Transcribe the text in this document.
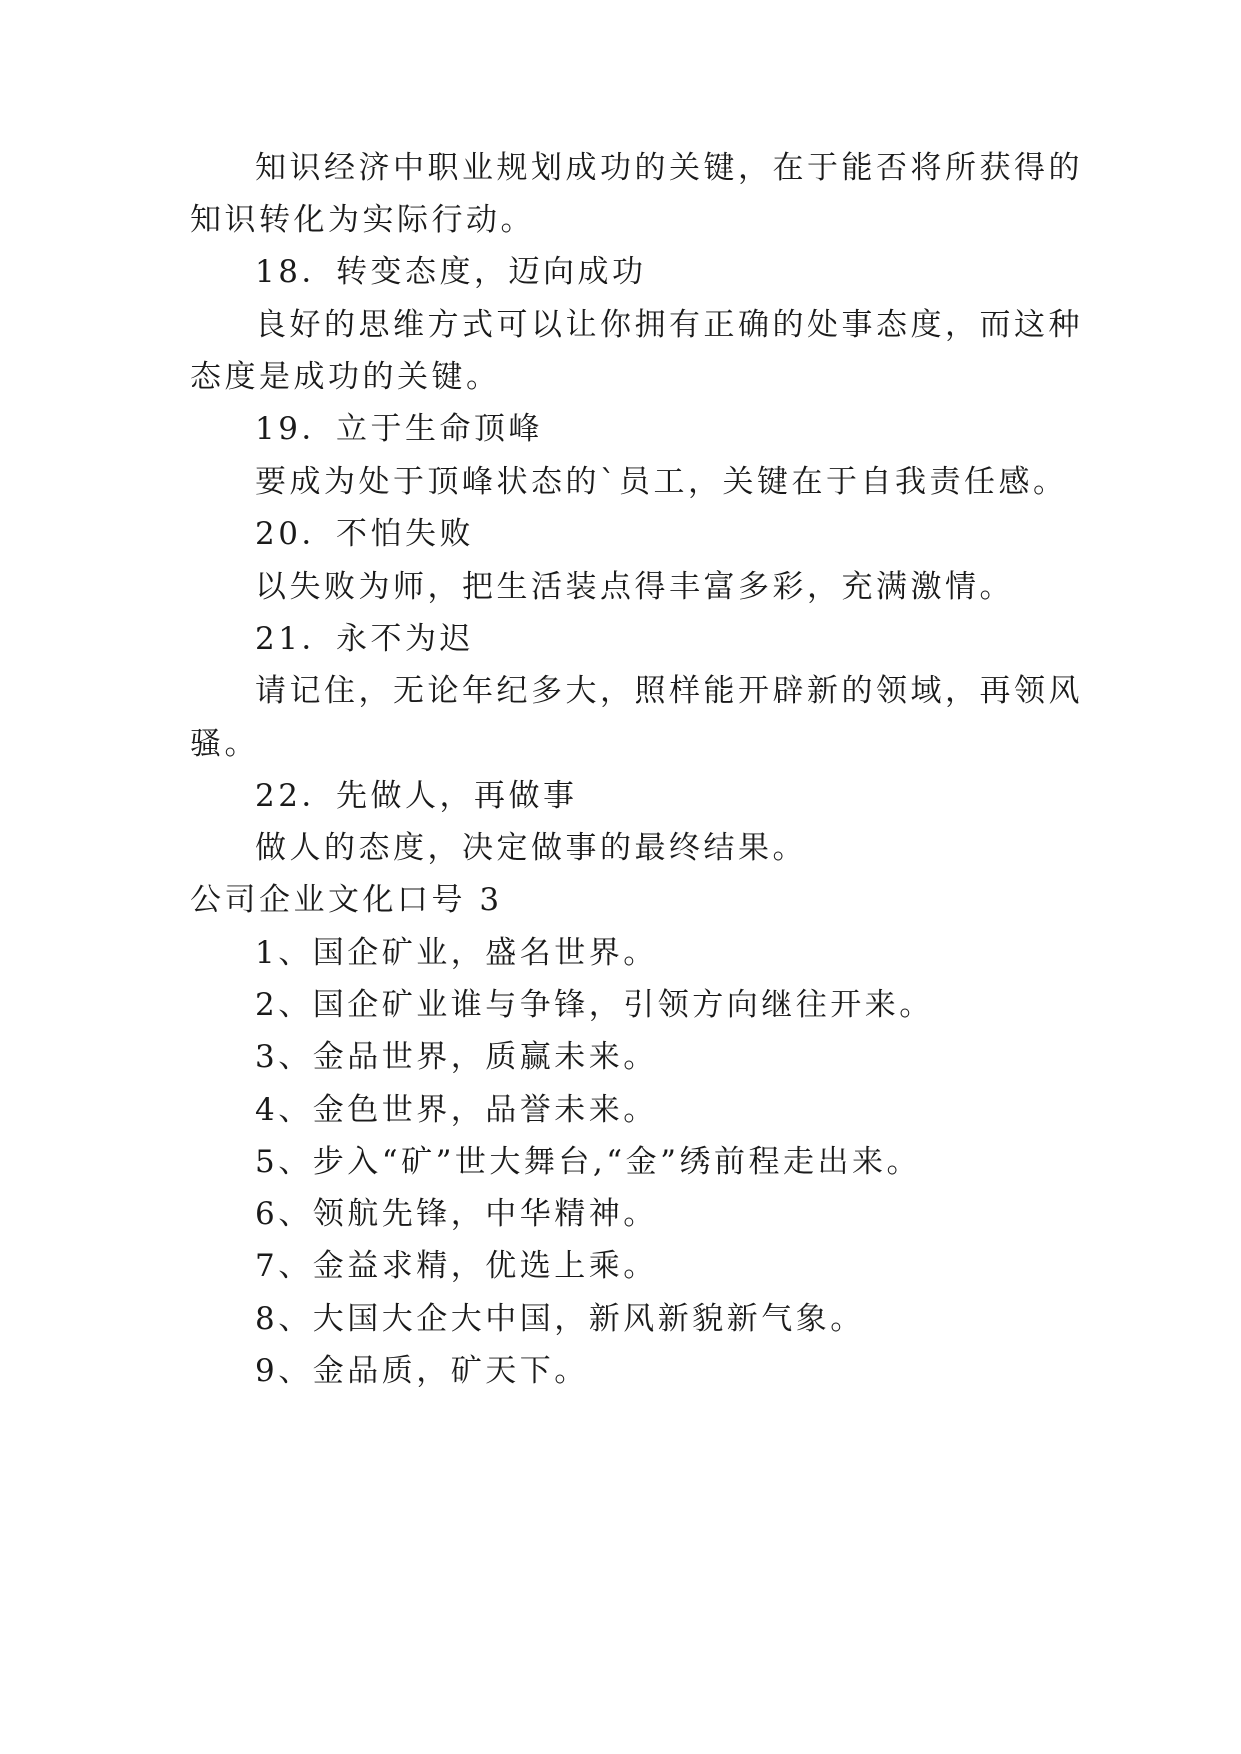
知识经济中职业规划成功的关键，在于能否将所获得的
知识转化为实际行动。
18．转变态度，迈向成功
良好的思维方式可以让你拥有正确的处事态度，而这种
态度是成功的关键。
19．立于生命顶峰
要成为处于顶峰状态的`员工，关键在于自我责任感。
20．不怕失败
以失败为师，把生活装点得丰富多彩，充满激情。
21．永不为迟
请记住，无论年纪多大，照样能开辟新的领域，再领风
骚。
22．先做人，再做事
做人的态度，决定做事的最终结果。
公司企业文化口号 3
1、国企矿业，盛名世界。
2、国企矿业谁与争锋，引领方向继往开来。
3、金品世界，质赢未来。
4、金色世界，品誉未来。
5、步入“矿”世大舞台,“金”绣前程走出来。
6、领航先锋，中华精神。
7、金益求精，优选上乘。
8、大国大企大中国，新风新貌新气象。
9、金品质，矿天下。
